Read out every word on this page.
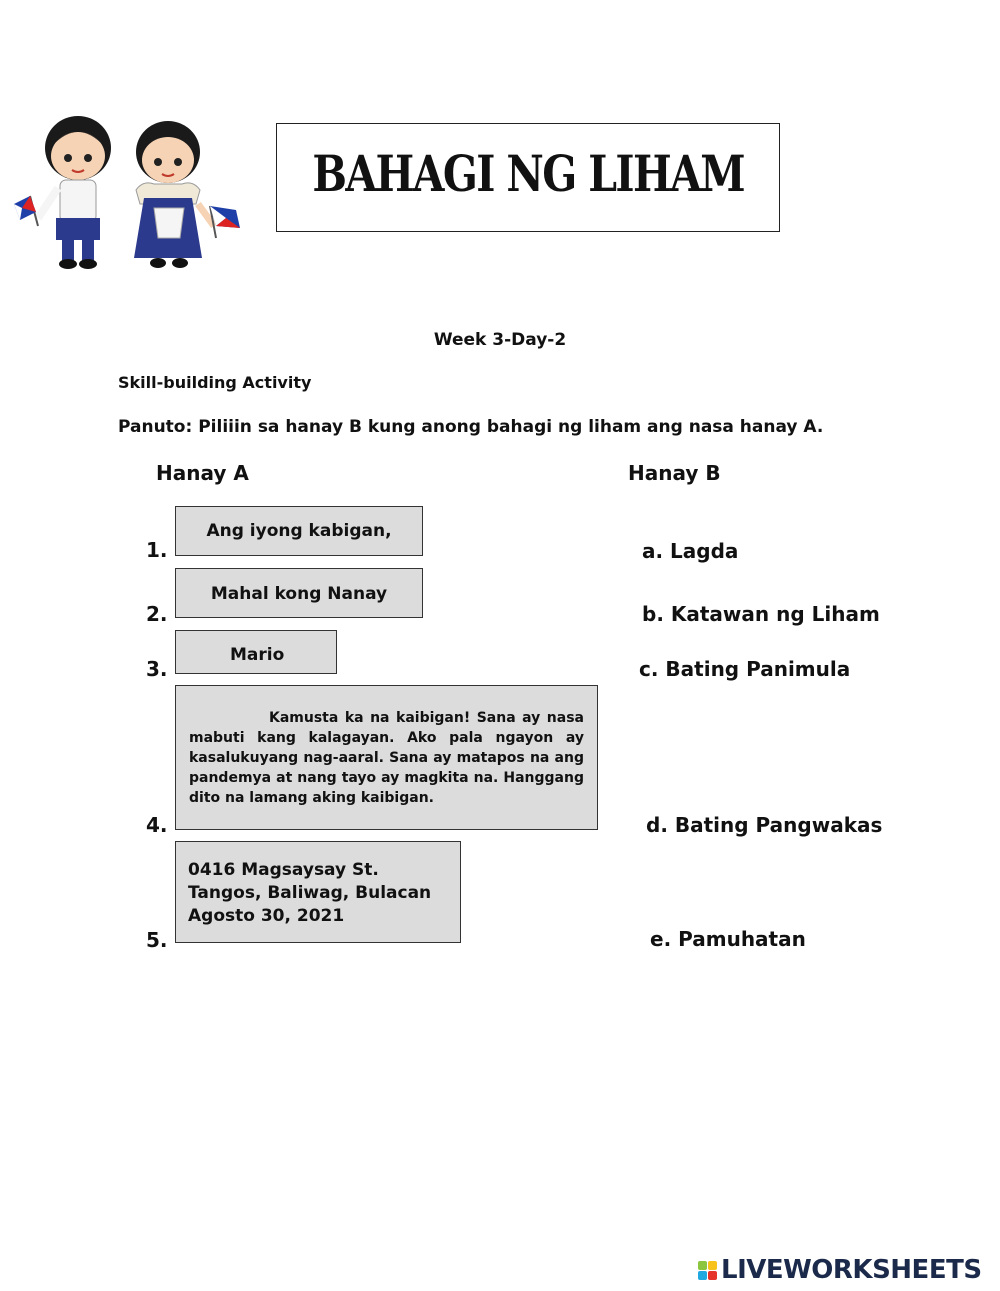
BAHAGI NG LIHAM
Week 3-Day-2
Skill-building Activity
Panuto: Piliiin sa hanay B kung anong bahagi ng liham ang nasa hanay A.
Hanay A	Hanay B
1.
2.
3.
4.
5.
Ang iyong kabigan,
Mahal kong Nanay
Mario
Kamusta ka na kaibigan! Sana ay nasa mabuti kang kalagayan. Ako pala ngayon ay kasalukuyang nag-aaral. Sana ay matapos na ang pandemya at nang tayo ay magkita na. Hanggang dito na lamang aking kaibigan.
0416 Magsaysay St.
Tangos, Baliwag, Bulacan
Agosto 30, 2021
a. Lagda
b. Katawan ng Liham
c. Bating Panimula
d. Bating Pangwakas
e. Pamuhatan
LIVEWORKSHEETS
